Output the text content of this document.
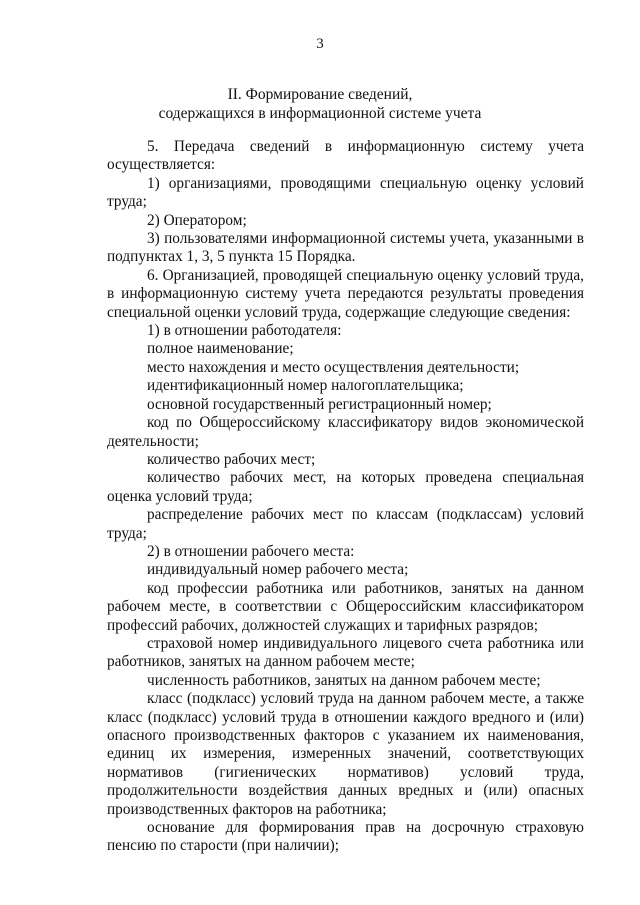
3
II. Формирование сведений,
содержащихся в информационной системе учета
5. Передача сведений в информационную систему учета
осуществляется:
1) организациями, проводящими специальную оценку условий
труда;
2) Оператором;
3) пользователями информационной системы учета, указанными в
подпунктах 1, 3, 5 пункта 15 Порядка.
6. Организацией, проводящей специальную оценку условий труда,
в информационную систему учета передаются результаты проведения
специальной оценки условий труда, содержащие следующие сведения:
1) в отношении работодателя:
полное наименование;
место нахождения и место осуществления деятельности;
идентификационный номер налогоплательщика;
основной государственный регистрационный номер;
код по Общероссийскому классификатору видов экономической
деятельности;
количество рабочих мест;
количество рабочих мест, на которых проведена специальная
оценка условий труда;
распределение рабочих мест по классам (подклассам) условий
труда;
2) в отношении рабочего места:
индивидуальный номер рабочего места;
код профессии работника или работников, занятых на данном
рабочем месте, в соответствии с Общероссийским классификатором
профессий рабочих, должностей служащих и тарифных разрядов;
страховой номер индивидуального лицевого счета работника или
работников, занятых на данном рабочем месте;
численность работников, занятых на данном рабочем месте;
класс (подкласс) условий труда на данном рабочем месте, а также
класс (подкласс) условий труда в отношении каждого вредного и (или)
опасного производственных факторов с указанием их наименования,
единиц их измерения, измеренных значений, соответствующих
нормативов (гигиенических нормативов) условий труда,
продолжительности воздействия данных вредных и (или) опасных
производственных факторов на работника;
основание для формирования прав на досрочную страховую
пенсию по старости (при наличии);
